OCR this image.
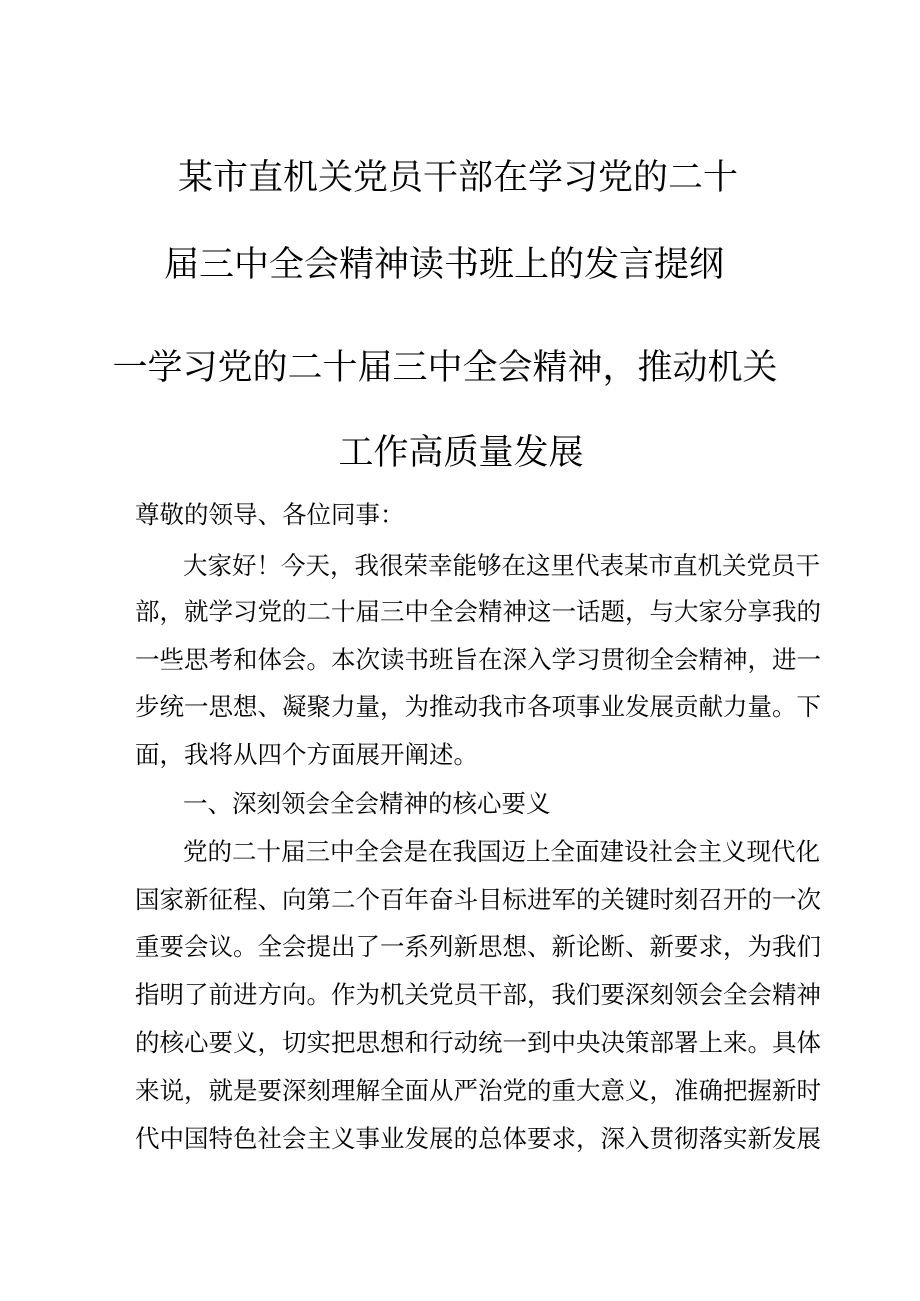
某市直机关党员干部在学习党的二十
届三中全会精神读书班上的发言提纲
一学习党的二十届三中全会精神，推动机关
工作高质量发展
尊敬的领导、各位同事：
大家好！今天，我很荣幸能够在这里代表某市直机关党员干
部，就学习党的二十届三中全会精神这一话题，与大家分享我的
一些思考和体会。本次读书班旨在深入学习贯彻全会精神，进一
步统一思想、凝聚力量，为推动我市各项事业发展贡献力量。下
面，我将从四个方面展开阐述。
一、深刻领会全会精神的核心要义
党的二十届三中全会是在我国迈上全面建设社会主义现代化
国家新征程、向第二个百年奋斗目标进军的关键时刻召开的一次
重要会议。全会提出了一系列新思想、新论断、新要求，为我们
指明了前进方向。作为机关党员干部，我们要深刻领会全会精神
的核心要义，切实把思想和行动统一到中央决策部署上来。具体
来说，就是要深刻理解全面从严治党的重大意义，准确把握新时
代中国特色社会主义事业发展的总体要求，深入贯彻落实新发展
